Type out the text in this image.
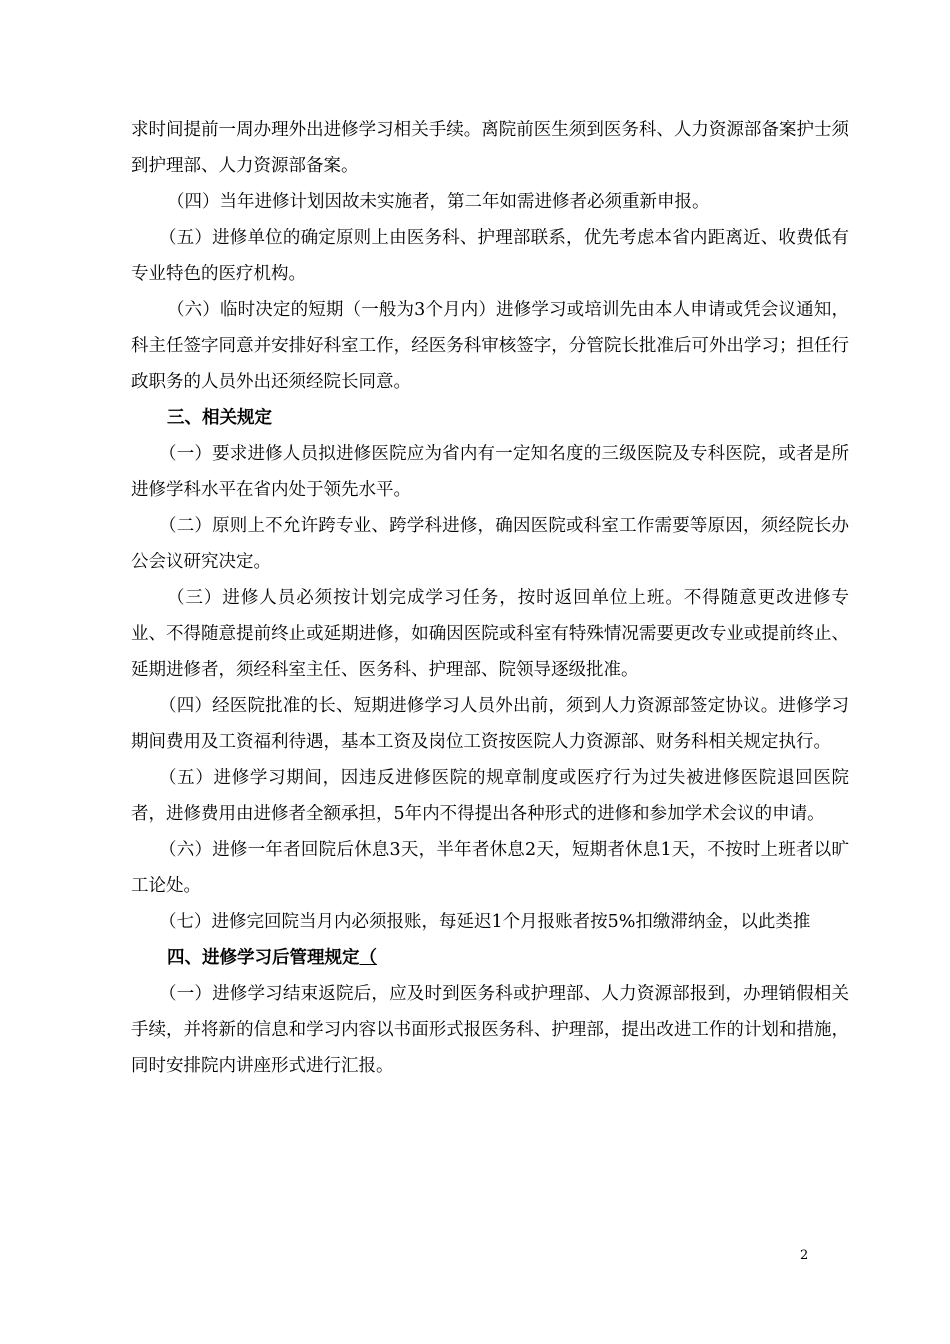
求时间提前一周办理外出进修学习相关手续。离院前医生须到医务科、人力资源部备案护士须到护理部、人力资源部备案。

（四）当年进修计划因故未实施者，第二年如需进修者必须重新申报。

（五）进修单位的确定原则上由医务科、护理部联系，优先考虑本省内距离近、收费低有专业特色的医疗机构。

（六）临时决定的短期（一般为3个月内）进修学习或培训先由本人申请或凭会议通知，科主任签字同意并安排好科室工作，经医务科审核签字，分管院长批准后可外出学习；担任行政职务的人员外出还须经院长同意。

三、相关规定

（一）要求进修人员拟进修医院应为省内有一定知名度的三级医院及专科医院，或者是所进修学科水平在省内处于领先水平。

（二）原则上不允许跨专业、跨学科进修，确因医院或科室工作需要等原因，须经院长办公会议研究决定。

（三）进修人员必须按计划完成学习任务，按时返回单位上班。不得随意更改进修专业、不得随意提前终止或延期进修，如确因医院或科室有特殊情况需要更改专业或提前终止、延期进修者，须经科室主任、医务科、护理部、院领导逐级批准。

（四）经医院批准的长、短期进修学习人员外出前，须到人力资源部签定协议。进修学习期间费用及工资福利待遇，基本工资及岗位工资按医院人力资源部、财务科相关规定执行。

（五）进修学习期间，因违反进修医院的规章制度或医疗行为过失被进修医院退回医院者，进修费用由进修者全额承担，5年内不得提出各种形式的进修和参加学术会议的申请。

（六）进修一年者回院后休息3天，半年者休息2天，短期者休息1天，不按时上班者以旷工论处。

（七）进修完回院当月内必须报账，每延迟1个月报账者按5%扣缴滞纳金，以此类推

四、进修学习后管理规定（

（一）进修学习结束返院后，应及时到医务科或护理部、人力资源部报到，办理销假相关手续，并将新的信息和学习内容以书面形式报医务科、护理部，提出改进工作的计划和措施，同时安排院内讲座形式进行汇报。

2
